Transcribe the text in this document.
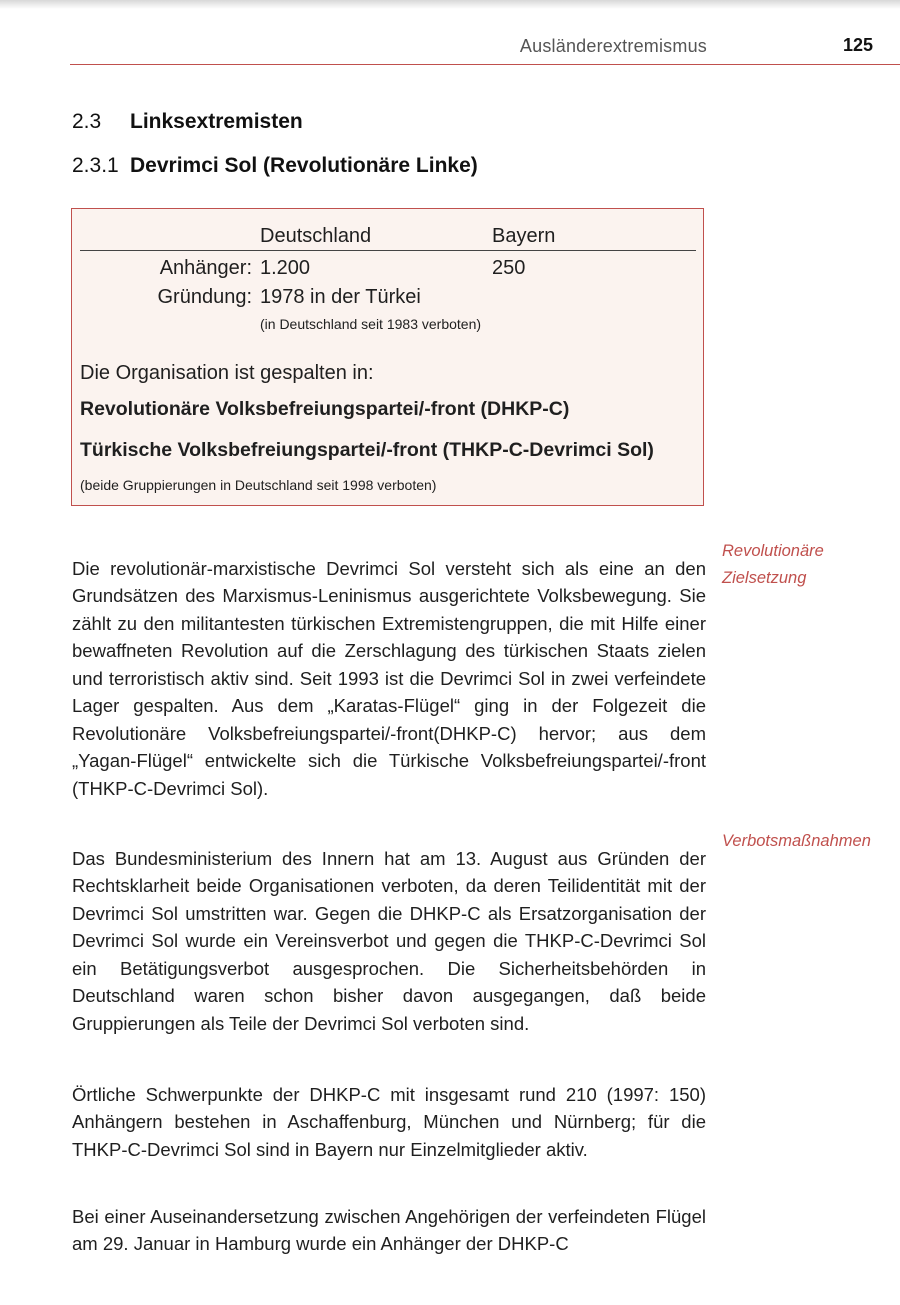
Ausländerextremismus	125
2.3 Linksextremisten
2.3.1 Devrimci Sol (Revolutionäre Linke)
Deutschland	Bayern
Anhänger: 1.200	250
Gründung: 1978 in der Türkei
(in Deutschland seit 1983 verboten)
Die Organisation ist gespalten in:
Revolutionäre Volksbefreiungspartei/-front (DHKP-C)
Türkische Volksbefreiungspartei/-front (THKP-C-Devrimci Sol)
(beide Gruppierungen in Deutschland seit 1998 verboten)

Die revolutionär-marxistische Devrimci Sol versteht sich als eine an den Grundsätzen des Marxismus-Leninismus ausgerichtete Volksbewegung. Sie zählt zu den militantesten türkischen Extremistengruppen, die mit Hilfe einer bewaffneten Revolution auf die Zerschlagung des türkischen Staats zielen und terroristisch aktiv sind. Seit 1993 ist die Devrimci Sol in zwei verfeindete Lager gespalten. Aus dem „Karatas-Flügel“ ging in der Folgezeit die Revolutionäre Volksbefreiungspartei/-front(DHKP-C) hervor; aus dem „Yagan-Flügel“ entwickelte sich die Türkische Volksbefreiungspartei/-front (THKP-C-Devrimci Sol).

Das Bundesministerium des Innern hat am 13. August aus Gründen der Rechtsklarheit beide Organisationen verboten, da deren Teilidentität mit der Devrimci Sol umstritten war. Gegen die DHKP-C als Ersatzorganisation der Devrimci Sol wurde ein Vereinsverbot und gegen die THKP-C-Devrimci Sol ein Betätigungsverbot ausgesprochen. Die Sicherheitsbehörden in Deutschland waren schon bisher davon ausgegangen, daß beide Gruppierungen als Teile der Devrimci Sol verboten sind.

Örtliche Schwerpunkte der DHKP-C mit insgesamt rund 210 (1997: 150) Anhängern bestehen in Aschaffenburg, München und Nürnberg; für die THKP-C-Devrimci Sol sind in Bayern nur Einzelmitglieder aktiv.

Bei einer Auseinandersetzung zwischen Angehörigen der verfeindeten Flügel am 29. Januar in Hamburg wurde ein Anhänger der DHKP-C

Revolutionäre Zielsetzung
Verbotsmaßnahmen
